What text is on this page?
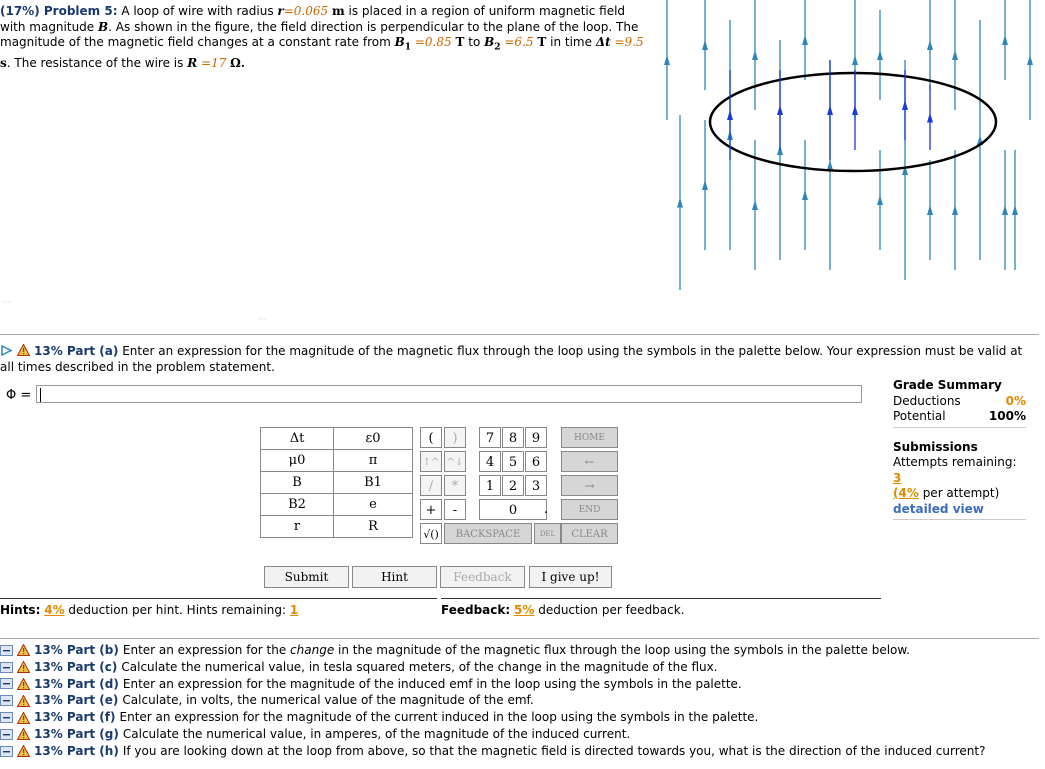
(17%) Problem 5: A loop of wire with radius r=0.065 m is placed in a region of uniform magnetic field with magnitude B. As shown in the figure, the field direction is perpendicular to the plane of the loop. The magnitude of the magnetic field changes at a constant rate from $B_1 =0.85$ T to $B_2 =6.5$ T in time Δt =9.5 s. The resistance of the wire is R =17 Ω.
···
···
13% Part (a) Enter an expression for the magnitude of the magnetic flux through the loop using the symbols in the palette below. Your expression must be valid at all times described in the problem statement.
Φ =
Δt	ε0
μ0	π
B	B1
B2	e
r	R
(	)	7	8	9	HOME
↑^ ^↓	4	5	6	←
/	*	1	2	3	→
+	-	0	.	END
√()	BACKSPACE	DEL	CLEAR
Submit	Hint	Feedback	I give up!
Hints: 4% deduction per hint. Hints remaining: 1	Feedback: 5% deduction per feedback.
Grade Summary
Deductions	0%
Potential	100%
Submissions
Attempts remaining: 3
(4% per attempt)
detailed view
13% Part (b) Enter an expression for the change in the magnitude of the magnetic flux through the loop using the symbols in the palette below.
13% Part (c) Calculate the numerical value, in tesla squared meters, of the change in the magnitude of the flux.
13% Part (d) Enter an expression for the magnitude of the induced emf in the loop using the symbols in the palette.
13% Part (e) Calculate, in volts, the numerical value of the magnitude of the emf.
13% Part (f) Enter an expression for the magnitude of the current induced in the loop using the symbols in the palette.
13% Part (g) Calculate the numerical value, in amperes, of the magnitude of the induced current.
13% Part (h) If you are looking down at the loop from above, so that the magnetic field is directed towards you, what is the direction of the induced current?
